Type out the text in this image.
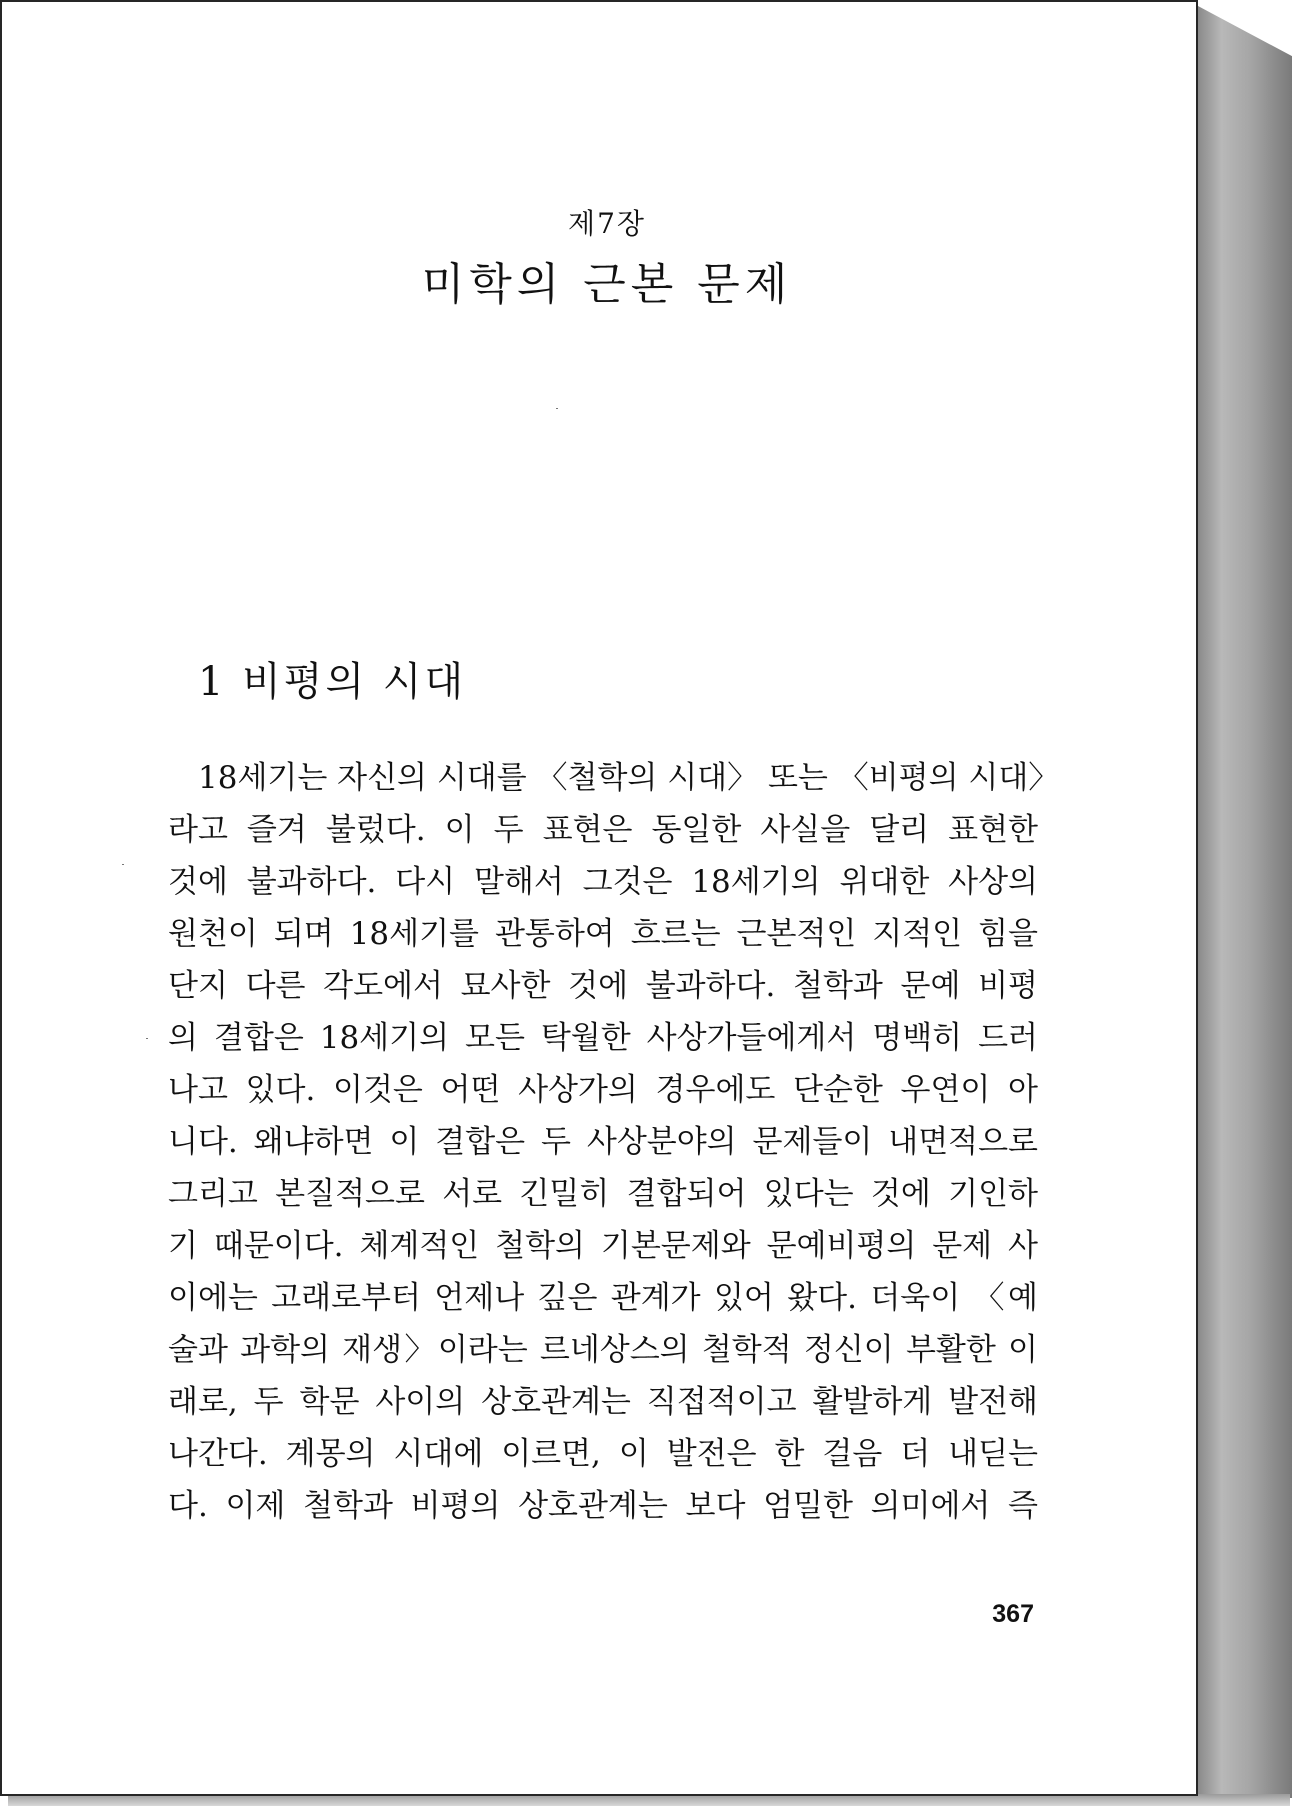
제7장

미학의 근본 문제
1 비평의 시대
18세기는 자신의 시대를 〈철학의 시대〉 또는 〈비평의 시대〉
라고 즐겨 불렀다. 이 두 표현은 동일한 사실을 달리 표현한
것에 불과하다. 다시 말해서 그것은 18세기의 위대한 사상의
원천이 되며 18세기를 관통하여 흐르는 근본적인 지적인 힘을
단지 다른 각도에서 묘사한 것에 불과하다. 철학과 문예 비평
의 결합은 18세기의 모든 탁월한 사상가들에게서 명백히 드러
나고 있다. 이것은 어떤 사상가의 경우에도 단순한 우연이 아
니다. 왜냐하면 이 결합은 두 사상분야의 문제들이 내면적으로
그리고 본질적으로 서로 긴밀히 결합되어 있다는 것에 기인하
기 때문이다. 체계적인 철학의 기본문제와 문예비평의 문제 사
이에는 고래로부터 언제나 깊은 관계가 있어 왔다. 더욱이 〈예
술과 과학의 재생〉이라는 르네상스의 철학적 정신이 부활한 이
래로, 두 학문 사이의 상호관계는 직접적이고 활발하게 발전해
나간다. 계몽의 시대에 이르면, 이 발전은 한 걸음 더 내딛는
다. 이제 철학과 비평의 상호관계는 보다 엄밀한 의미에서 즉

367
